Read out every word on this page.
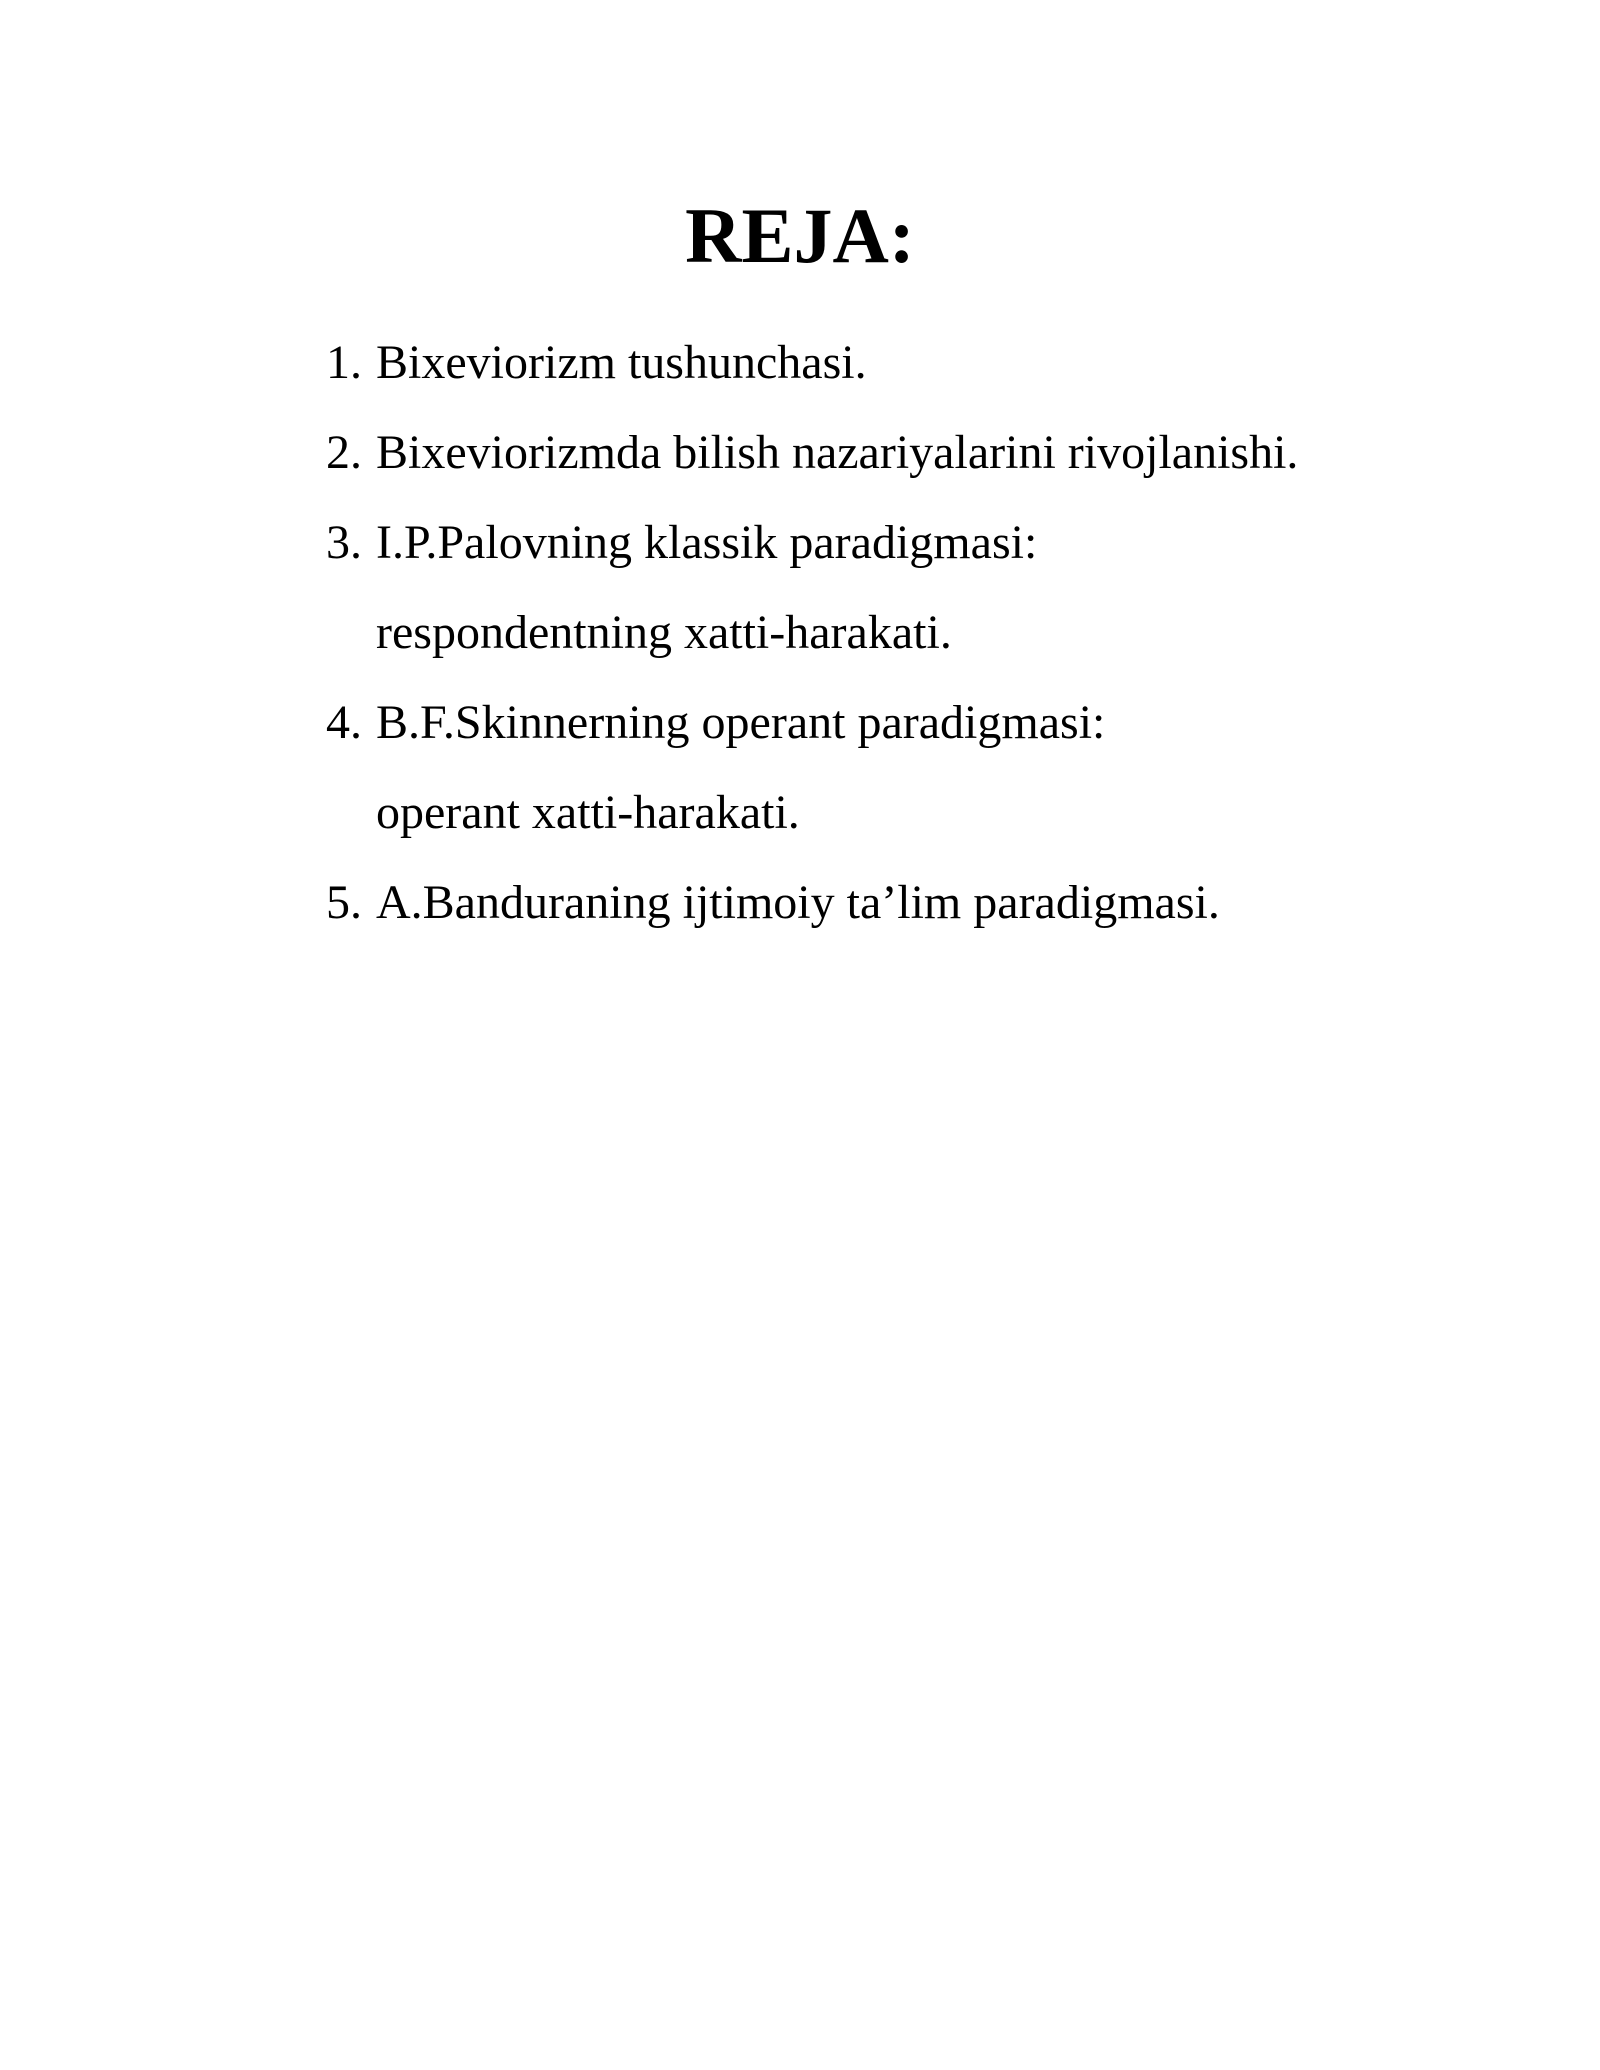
REJA:
1. Bixeviorizm tushunchasi.
2. Bixeviorizmda bilish nazariyalarini rivojlanishi.
3. I.P.Palovning klassik paradigmasi:
respondentning xatti-harakati.
4. B.F.Skinnerning operant paradigmasi:
operant xatti-harakati.
5. A.Banduraning ijtimoiy ta’lim paradigmasi.
